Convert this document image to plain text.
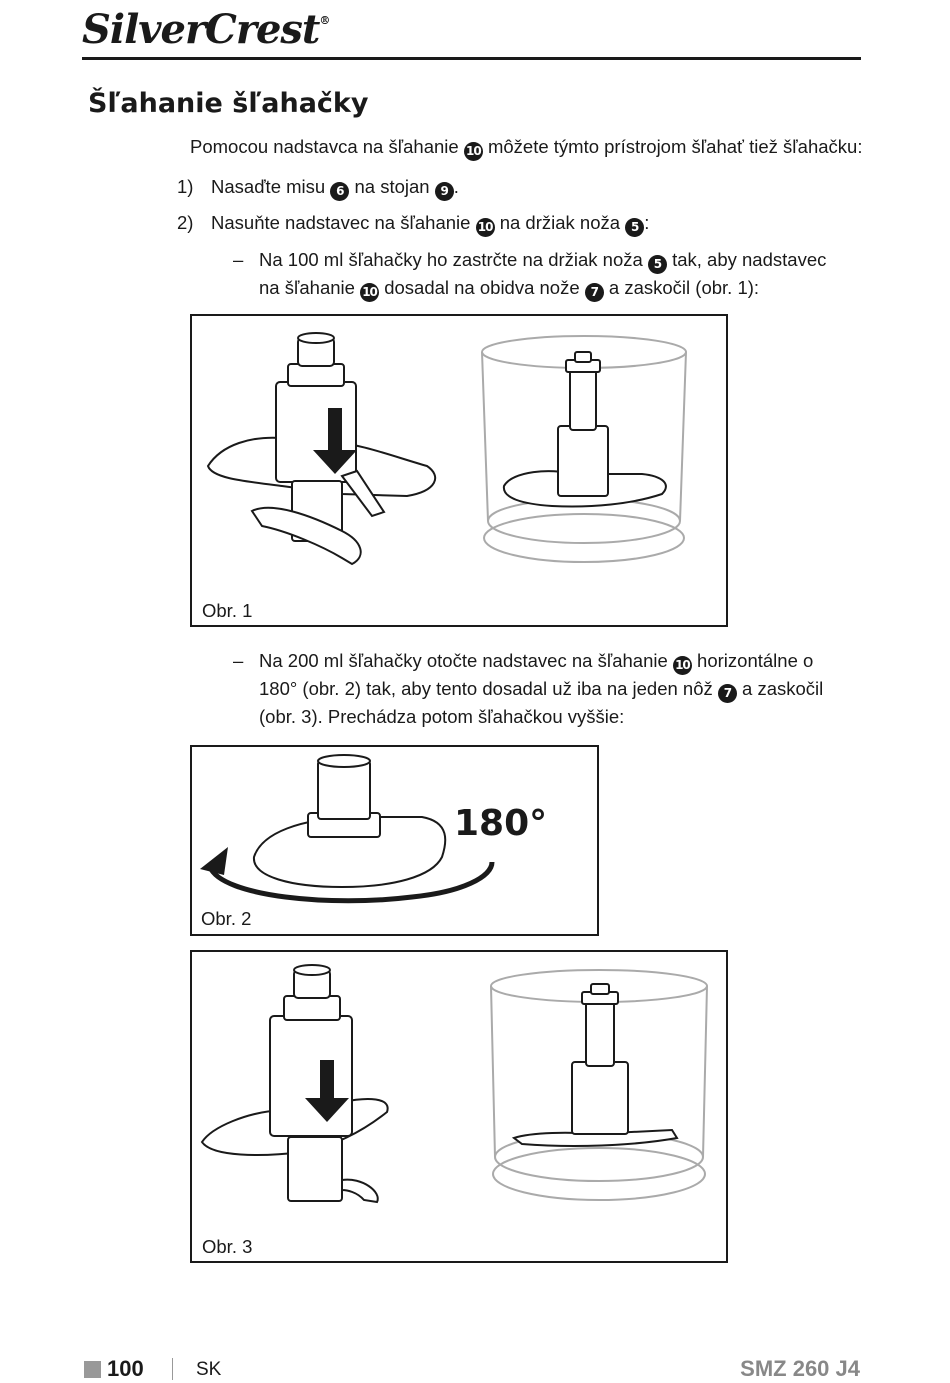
SilverCrest®
Šľahanie šľahačky
Pomocou nadstavca na šľahanie 10 môžete týmto prístrojom šľahať tiež šľahačku:
1) Nasaďte misu 6 na stojan 9 .
2) Nasuňte nadstavec na šľahanie 10 na držiak noža 5 :
– Na 100 ml šľahačky ho zastrčte na držiak noža 5 tak, aby nadstavec
na šľahanie 10 dosadal na obidva nože 7 a zaskočil (obr. 1):
Obr. 1
– Na 200 ml šľahačky otočte nadstavec na šľahanie 10 horizontálne o
180° (obr. 2) tak, aby tento dosadal už iba na jeden nôž 7 a zaskočil
(obr. 3). Prechádza potom šľahačkou vyššie:
180°
Obr. 2
Obr. 3
100	SK	SMZ 260 J4
